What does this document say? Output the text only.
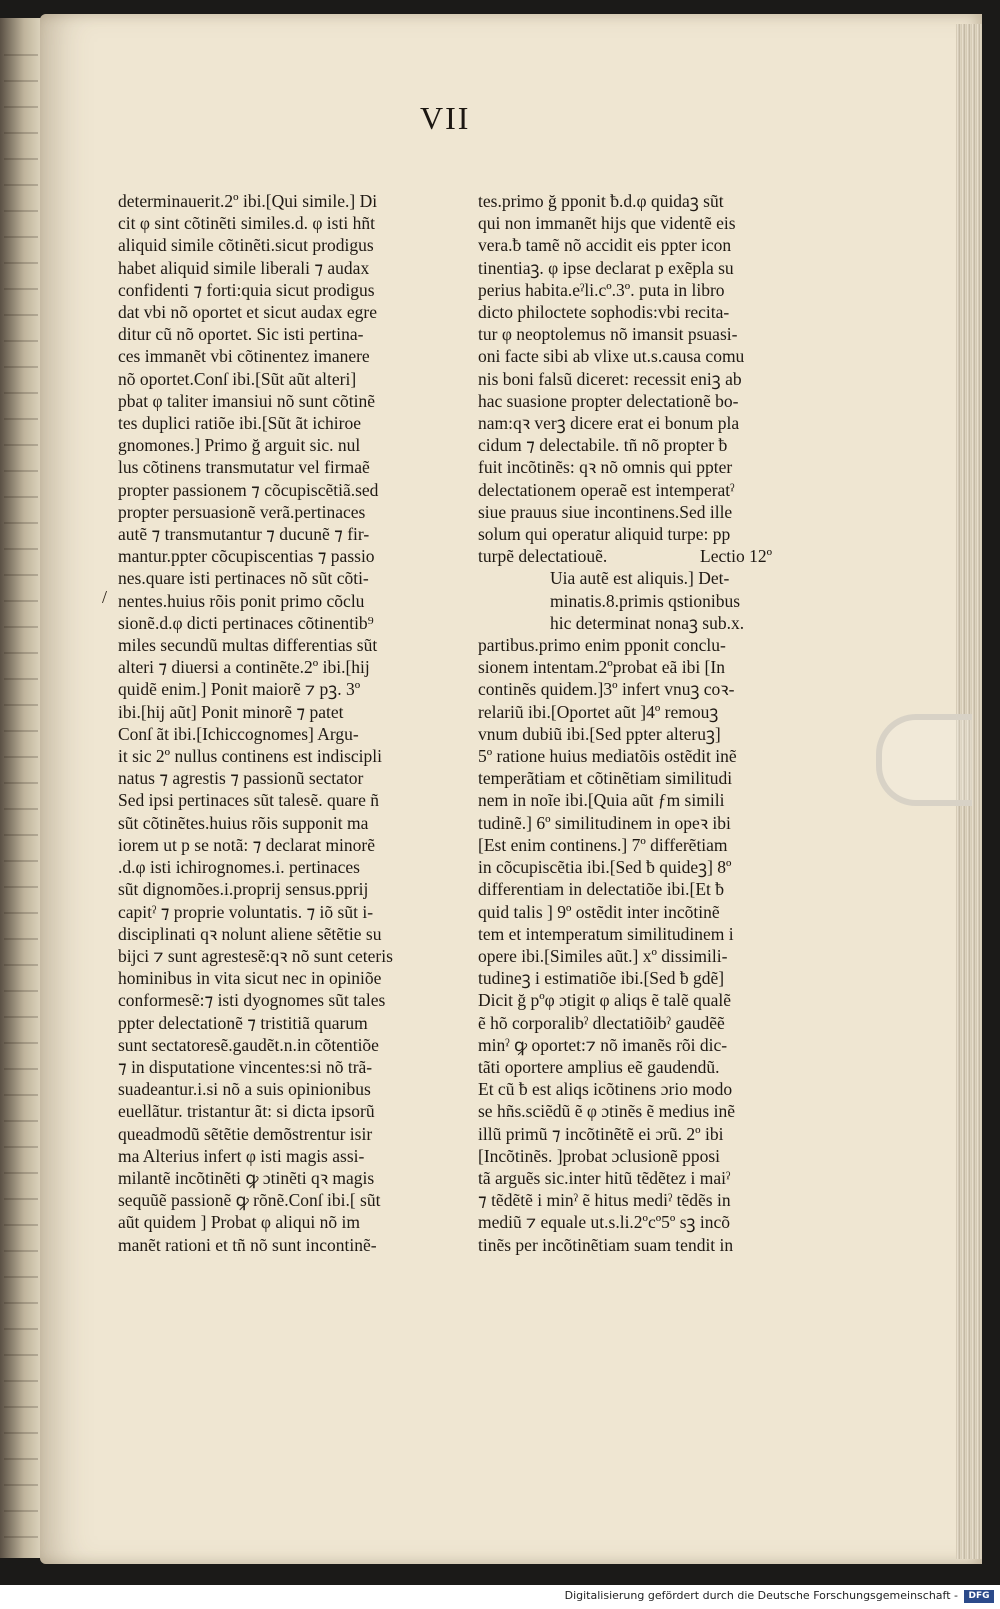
VII
/
determinauerit.2º ibi.[Qui simile.] Di
cit φ sint cõtinẽti similes.d. φ isti hñt
aliquid simile cõtinẽti.sicut prodigus
habet aliquid simile liberali ⁊ audax
confidenti ⁊ forti:quia sicut prodigus
dat vbi nõ oportet et sicut audax egre
ditur cũ nõ oportet. Sic isti pertina-
ces immanẽt vbi cõtinentez imanere
nõ oportet.Conſ ibi.[Sũt aũt alteri]
pbat φ taliter imansiui nõ sunt cõtinẽ
tes duplici ratiõe ibi.[Sũt ãt ichiroe
gnomones.] Primo ğ arguit sic. nul
lus cõtinens transmutatur vel firmaẽ
propter passionem ⁊ cõcupiscẽtiã.sed
propter persuasionẽ verã.pertinaces
autẽ ⁊ transmutantur ⁊ ducunẽ ⁊ fir-
mantur.ppter cõcupiscentias ⁊ passio
nes.quare isti pertinaces nõ sũt cõti-
nentes.huius rõis ponit primo cõclu
sionẽ.d.φ dicti pertinaces cõtinentib⁹
miles secundũ multas differentias sũt
alteri ⁊ diuersi a continẽte.2º ibi.[hij
quidẽ enim.] Ponit maiorẽ ⁊ pꝫ. 3º
ibi.[hij aũt] Ponit minorẽ ⁊ patet
Conſ ãt ibi.[Ichiccognomes] Argu-
it sic 2º nullus continens est indiscipli
natus ⁊ agrestis ⁊ passionũ sectator
Sed ipsi pertinaces sũt talesẽ. quare ñ
sũt cõtinẽtes.huius rõis supponit ma
iorem ut p se notã: ⁊ declarat minorẽ
.d.φ isti ichirognomes.i. pertinaces
sũt dignomões.i.proprij sensus.pprij
capitˀ ⁊ proprie voluntatis. ⁊ iõ sũt i-
disciplinati qꝛ nolunt aliene sẽtẽtie su
bijci ⁊ sunt agrestesẽ:qꝛ nõ sunt ceteris
hominibus in vita sicut nec in opiniõe
conformesẽ:⁊ isti dyognomes sũt tales
ppter delectationẽ ⁊ tristitiã quarum
sunt sectatoresẽ.gaudẽt.n.in cõtentiõe
⁊ in disputatione vincentes:si nõ trã-
suadeantur.i.si nõ a suis opinionibus
euellãtur. tristantur ãt: si dicta ipsorũ
queadmodũ sẽtẽtie demõstrentur isir
ma Alterius infert φ isti magis assi-
milantẽ incõtinẽti ꝙ ɔtinẽti qꝛ magis
sequũẽ passionẽ ꝙ rõnẽ.Conſ ibi.[ sũt
aũt quidem ] Probat φ aliqui nõ im
manẽt rationi et tñ nõ sunt incontinẽ-
tes.primo ğ pponit ƀ.d.φ quidaꝫ sũt
qui non immanẽt hijs que videntẽ eis
vera.ƀ tamẽ nõ accidit eis ppter icon
tinentiaꝫ. φ ipse declarat p exẽpla su
perius habita.eˀli.cº.3º. puta in libro
dicto philoctete sophodis:vbi recita-
tur φ neoptolemus nõ imansit psuasi-
oni facte sibi ab vlixe ut.s.causa comu
nis boni falsũ diceret: recessit eniꝫ ab
hac suasione propter delectationẽ bo-
nam:qꝛ verꝫ dicere erat ei bonum pla
cidum ⁊ delectabile. tñ nõ propter ƀ
fuit incõtinẽs: qꝛ nõ omnis qui ppter
delectationem operaẽ est intemperatˀ
siue prauus siue incontinens.Sed ille
solum qui operatur aliquid turpe: pp
turpẽ delectatiouẽ.	Lectio 12º
Uia autẽ est aliquis.] Det-
minatis.8.primis qstionibus
hic determinat nonaꝫ sub.x.
partibus.primo enim pponit conclu-
sionem intentam.2ºprobat eã ibi [In
continẽs quidem.]3º infert vnuꝫ coꝛ-
relariũ ibi.[Oportet aũt ]4º remouꝫ
vnum dubiũ ibi.[Sed ppter alteruꝫ]
5º ratione huius mediatõis ostẽdit inẽ
temperãtiam et cõtinẽtiam similitudi
nem in noĩe ibi.[Quia aũt ƒm simili
tudinẽ.] 6º similitudinem in opeꝛ ibi
[Est enim continens.] 7º differẽtiam
in cõcupiscẽtia ibi.[Sed ƀ quideꝫ] 8º
differentiam in delectatiõe ibi.[Et ƀ
quid talis ] 9º ostẽdit inter incõtinẽ
tem et intemperatum similitudinem i
opere ibi.[Similes aũt.] xº dissimili-
tudineꝫ i estimatiõe ibi.[Sed ƀ gdẽ]
Dicit ğ pºφ ɔtigit φ aliqs ẽ talẽ qualẽ
ẽ hõ corporalibˀ dlectatiõibˀ gaudẽẽ
minˀ ꝙ oportet:⁊ nõ imanẽs rõi dic-
tãti oportere amplius eẽ gaudendũ.
Et cũ ƀ est aliqs icõtinens ɔrio modo
se hñs.sciẽdũ ẽ φ ɔtinẽs ẽ medius inẽ
illũ primũ ⁊ incõtinẽtẽ ei ɔrũ. 2º ibi
[Incõtinẽs. ]probat ɔclusionẽ pposi
tã arguẽs sic.inter hitũ tẽdẽtez i maiˀ
⁊ tẽdẽtẽ i minˀ ẽ hitus mediˀ tẽdẽs in
mediũ ⁊ equale ut.s.li.2ºcº5º sꝫ incõ
tinẽs per incõtinẽtiam suam tendit in
Digitalisierung gefördert durch die Deutsche Forschungsgemeinschaft -	DFG
